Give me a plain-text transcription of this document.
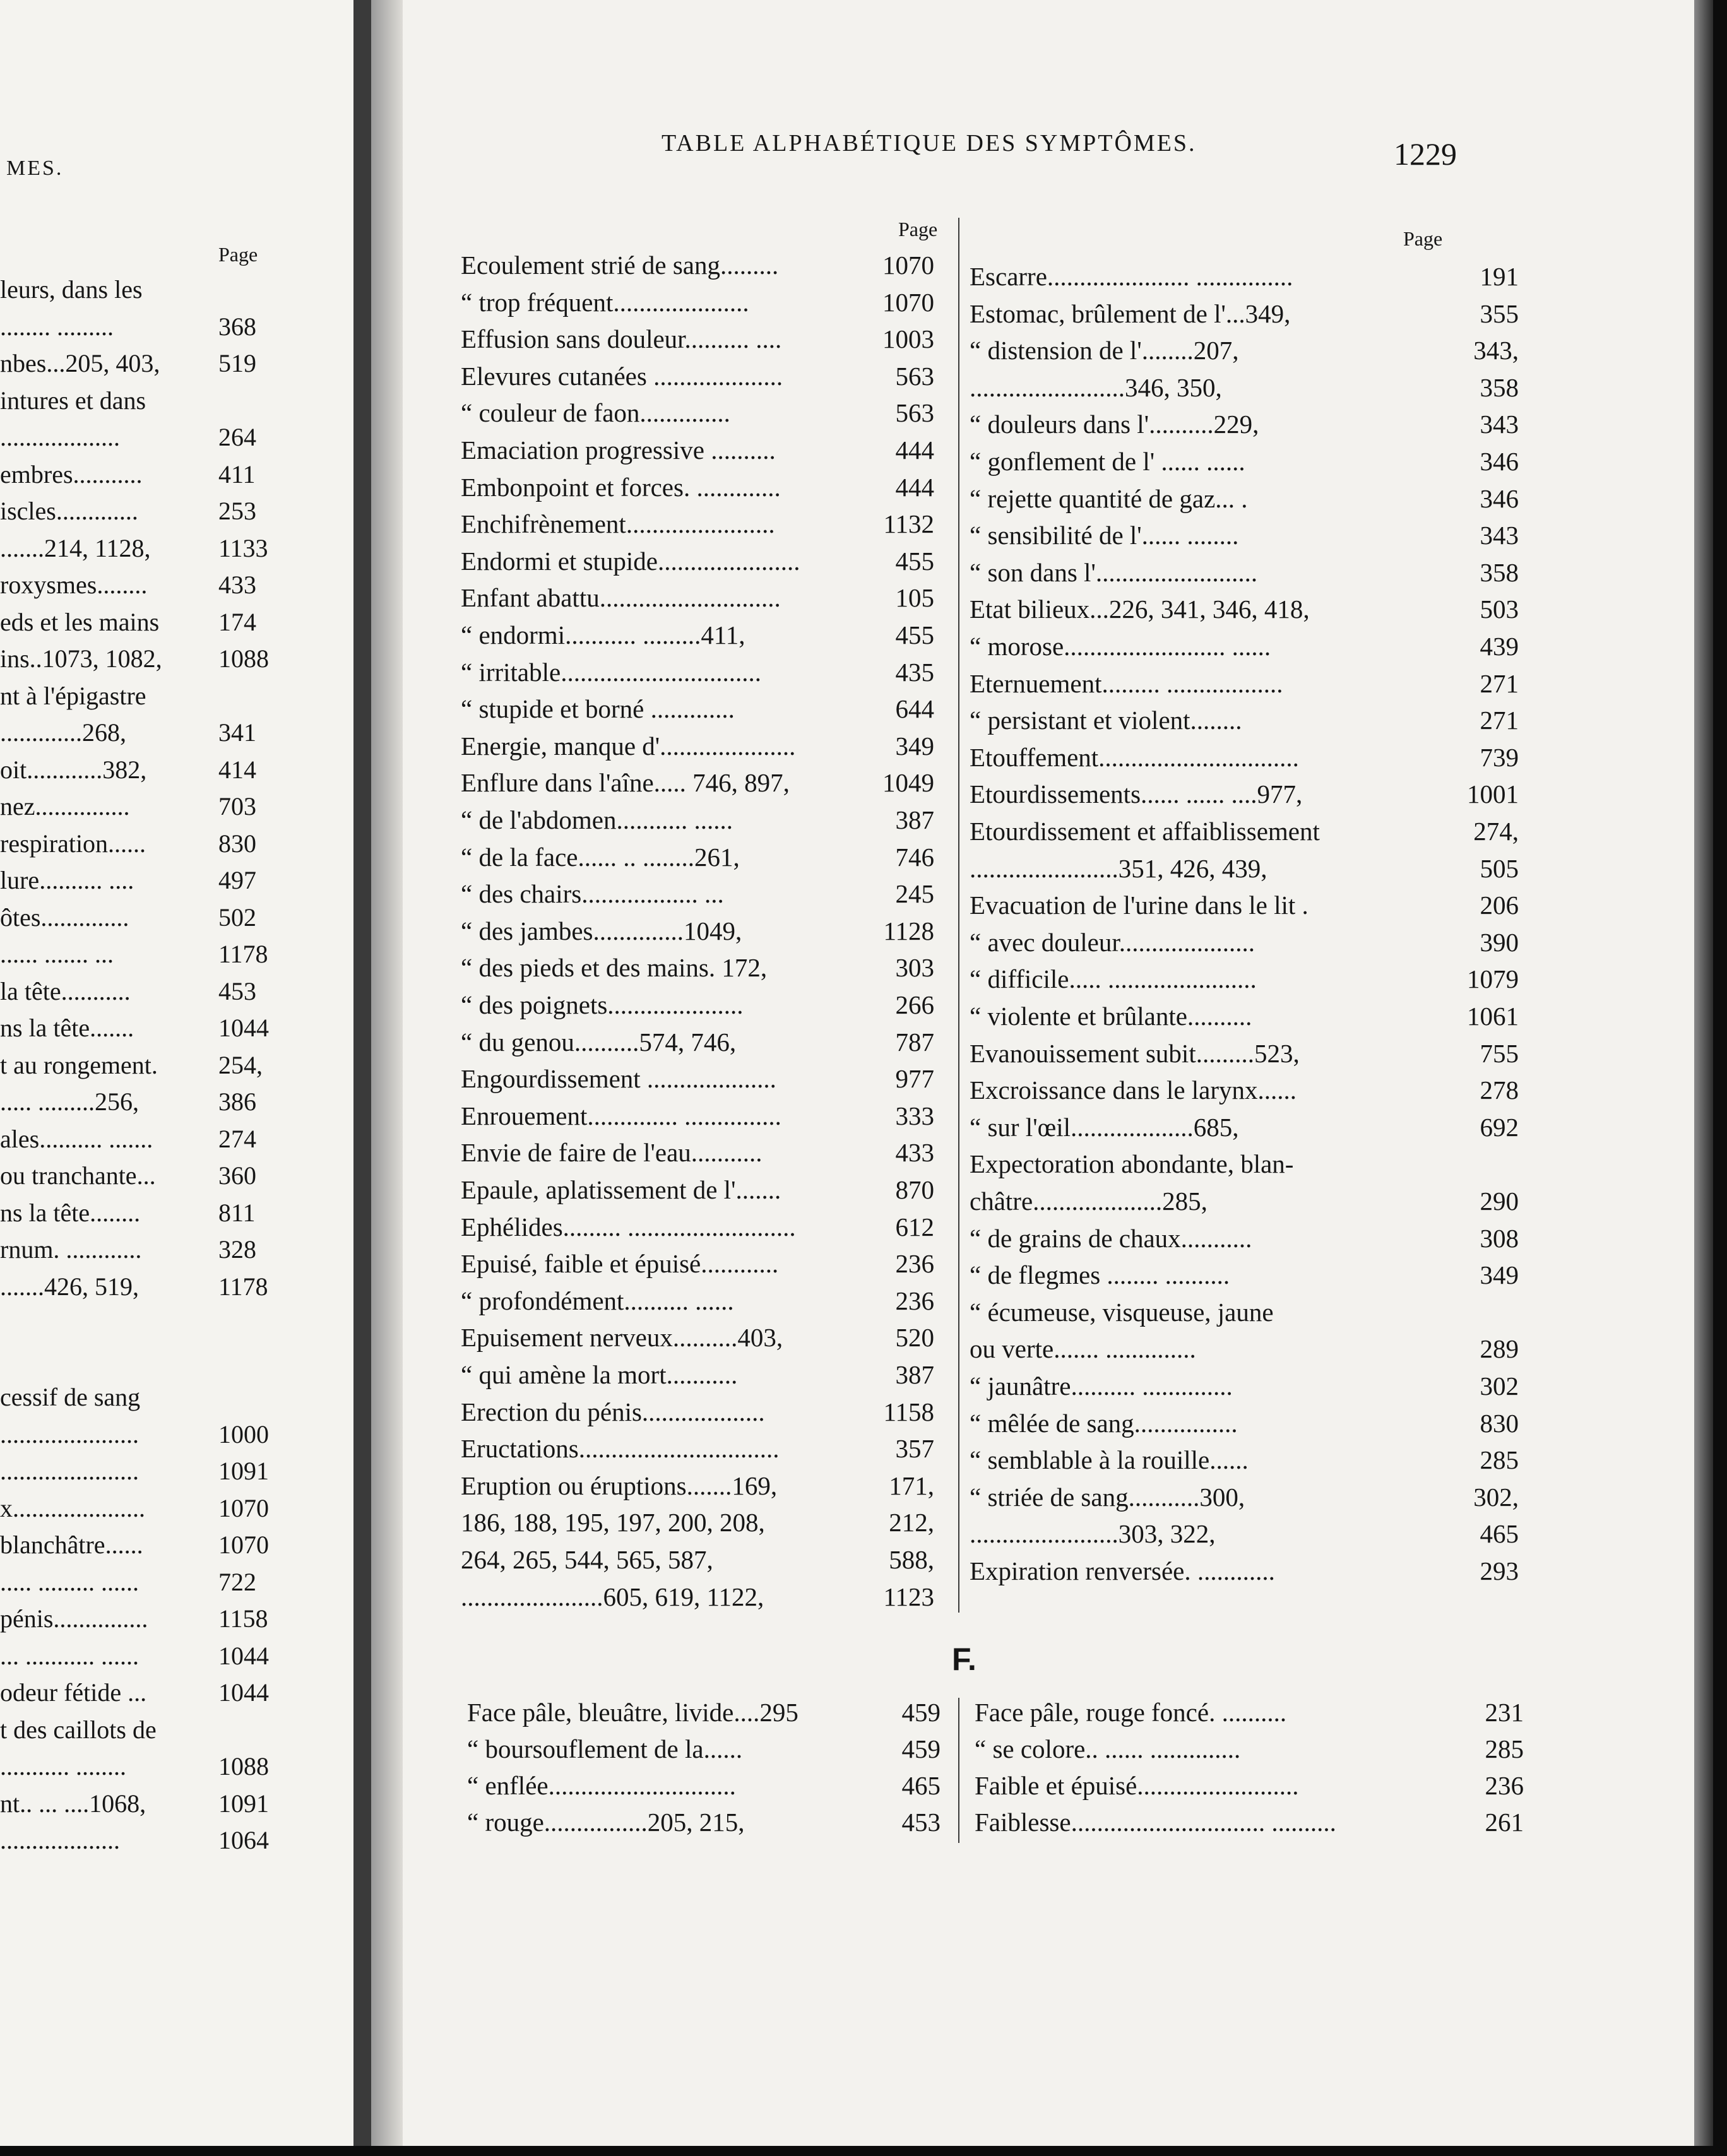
MES.
Page
leurs, dans les
........ .........	368
nbes...205, 403, 519
intures et dans
...................	264
embres...........	411
iscles.............	253
.......214, 1128,	1133
roxysmes........	433
eds et les mains 174
ins..1073, 1082, 1088
nt à l'épigastre
.............268,	341
oit............382,	414
nez...............	703
respiration......	830
lure.......... ....	497
ôtes..............	502
...... ....... ...	1178
la tête...........	453
ns la tête.......	1044
t au rongement. 254,
..... .........256,	386
ales.......... .......	274
ou tranchante... 360
ns la tête........	811
rnum. ............	328
.......426, 519,	1178
cessif de sang
......................	1000
......................	1091
x.....................	1070
blanchâtre......	1070
..... ......... ......	722
pénis...............	1158
... ........... ......	1044
odeur fétide ...	1044
t des caillots de
........... ........	1088
nt.. ... ....1068,	1091
...................	1064
TABLE ALPHABÉTIQUE DES SYMPTÔMES.	1229
Page	Page
Ecoulement strié de sang.........	1070
“ trop fréquent.....................	1070
Effusion sans douleur.......... ....	1003
Elevures cutanées ....................	563
“ couleur de faon..............	563
Emaciation progressive ..........	444
Embonpoint et forces. .............	444
Enchifrènement.......................	1132
Endormi et stupide......................	455
Enfant abattu............................	105
“ endormi........... .........411,	455
“ irritable...............................	435
“ stupide et borné .............	644
Energie, manque d'.....................	349
Enflure dans l'aîne..... 746, 897,	1049
“ de l'abdomen........... ......	387
“ de la face...... .. ........261,	746
“ des chairs.................. ...	245
“ des jambes..............1049,	1128
“ des pieds et des mains. 172,	303
“ des poignets.....................	266
“ du genou..........574, 746,	787
Engourdissement ....................	977
Enrouement.............. ...............	333
Envie de faire de l'eau...........	433
Epaule, aplatissement de l'.......	870
Ephélides......... ..........................	612
Epuisé, faible et épuisé............	236
“ profondément.......... ......	236
Epuisement nerveux..........403,	520
“ qui amène la mort...........	387
Erection du pénis...................	1158
Eructations...............................	357
Eruption ou éruptions.......169,	171,
186, 188, 195, 197, 200, 208,	212,
264, 265, 544, 565, 587,	588,
......................605, 619, 1122,	1123
Escarre...................... ...............	191
Estomac, brûlement de l'...349,	355
“ distension de l'........207,	343,
........................346, 350,	358
“ douleurs dans l'..........229,	343
“ gonflement de l' ...... ......	346
“ rejette quantité de gaz... .	346
“ sensibilité de l'...... ........	343
“ son dans l'.........................	358
Etat bilieux...226, 341, 346, 418,	503
“ morose......................... ......	439
Eternuement......... ..................	271
“ persistant et violent........	271
Etouffement...............................	739
Etourdissements...... ...... ....977,	1001
Etourdissement et affaiblissement	274,
.......................351, 426, 439,	505
Evacuation de l'urine dans le lit .	206
“ avec douleur.....................	390
“ difficile..... .......................	1079
“ violente et brûlante..........	1061
Evanouissement subit.........523,	755
Excroissance dans le larynx......	278
“ sur l'œil...................685,	692
Expectoration abondante, blan-
châtre....................285,	290
“ de grains de chaux...........	308
“ de flegmes ........ ..........	349
“ écumeuse, visqueuse, jaune
ou verte....... ..............	289
“ jaunâtre.......... ..............	302
“ mêlée de sang................	830
“ semblable à la rouille......	285
“ striée de sang...........300,	302,
.......................303, 322,	465
Expiration renversée. ............	293
F.
Face pâle, bleuâtre, livide....295	459
“ boursouflement de la......	459
“ enflée.............................	465
“ rouge................205, 215,	453
Face pâle, rouge foncé. ..........	231
“ se colore.. ...... ..............	285
Faible et épuisé.........................	236
Faiblesse.............................. ..........	261
